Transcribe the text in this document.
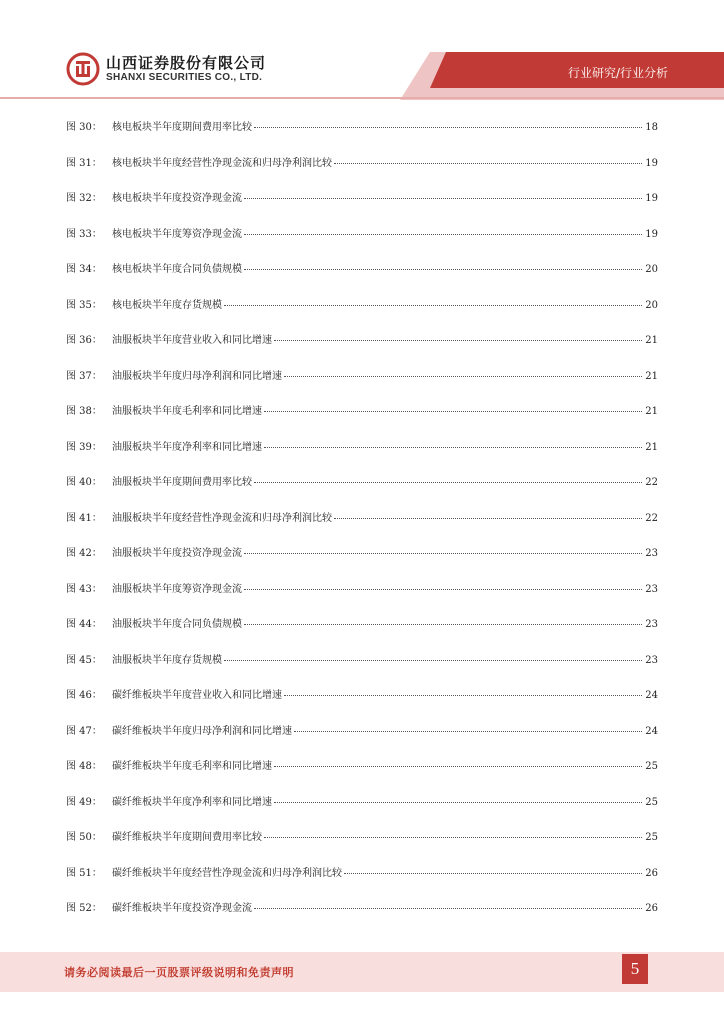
山西证券股份有限公司
SHANXI SECURITIES CO., LTD.	行业研究/行业分析
图 30：	核电板块半年度期间费用率比较	18
图 31：	核电板块半年度经营性净现金流和归母净利润比较	19
图 32：	核电板块半年度投资净现金流	19
图 33：	核电板块半年度筹资净现金流	19
图 34：	核电板块半年度合同负债规模	20
图 35：	核电板块半年度存货规模	20
图 36：	油服板块半年度营业收入和同比增速	21
图 37：	油服板块半年度归母净利润和同比增速	21
图 38：	油服板块半年度毛利率和同比增速	21
图 39：	油服板块半年度净利率和同比增速	21
图 40：	油服板块半年度期间费用率比较	22
图 41：	油服板块半年度经营性净现金流和归母净利润比较	22
图 42：	油服板块半年度投资净现金流	23
图 43：	油服板块半年度筹资净现金流	23
图 44：	油服板块半年度合同负债规模	23
图 45：	油服板块半年度存货规模	23
图 46：	碳纤维板块半年度营业收入和同比增速	24
图 47：	碳纤维板块半年度归母净利润和同比增速	24
图 48：	碳纤维板块半年度毛利率和同比增速	25
图 49：	碳纤维板块半年度净利率和同比增速	25
图 50：	碳纤维板块半年度期间费用率比较	25
图 51：	碳纤维板块半年度经营性净现金流和归母净利润比较	26
图 52：	碳纤维板块半年度投资净现金流	26
请务必阅读最后一页股票评级说明和免责声明	5
